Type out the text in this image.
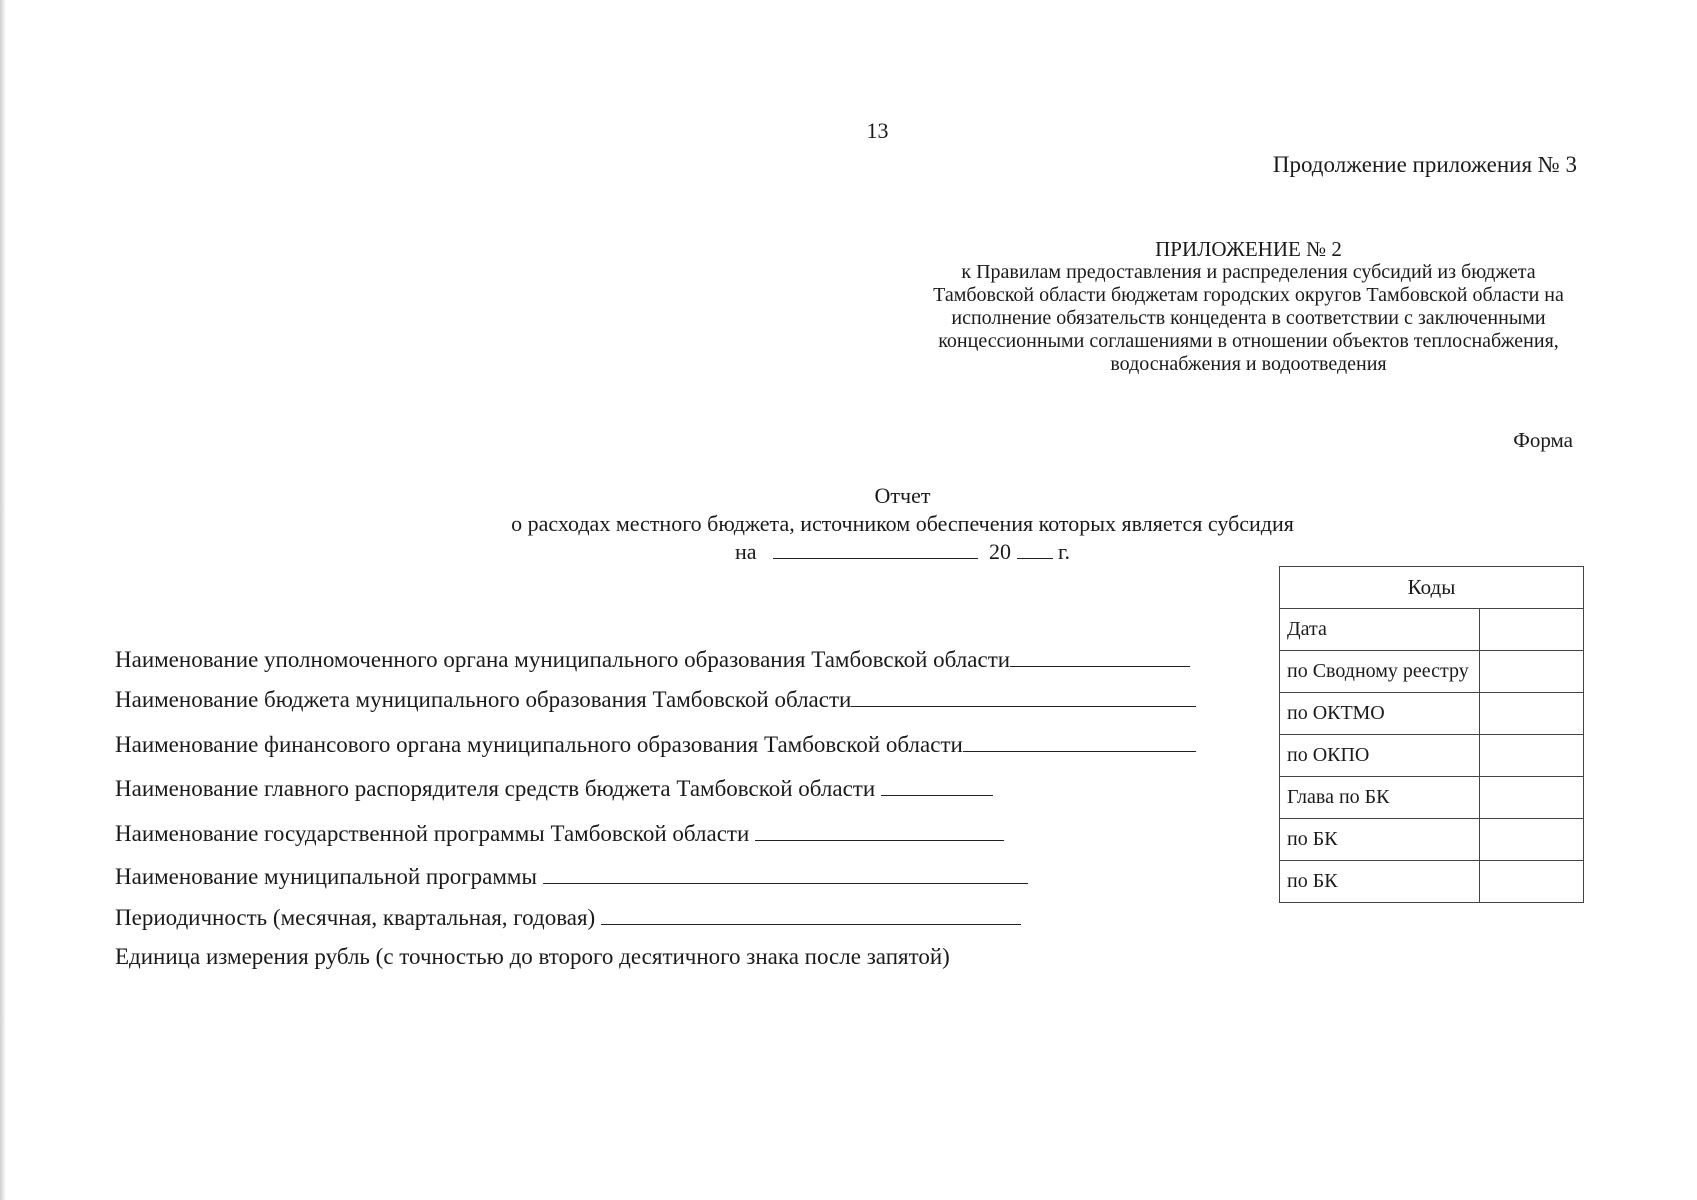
13
Продолжение приложения № 3
ПРИЛОЖЕНИЕ № 2
к Правилам предоставления и распределения субсидий из бюджета
Тамбовской области бюджетам городских округов Тамбовской области на
исполнение обязательств концедента в соответствии с заключенными
концессионными соглашениями в отношении объектов теплоснабжения,
водоснабжения и водоотведения
Форма
Отчет
о расходах местного бюджета, источником обеспечения которых является субсидия
на	20 г.
Наименование уполномоченного органа муниципального образования Тамбовской области
Наименование бюджета муниципального образования Тамбовской области
Наименование финансового органа муниципального образования Тамбовской области
Наименование главного распорядителя средств бюджета Тамбовской области
Наименование государственной программы Тамбовской области
Наименование муниципальной программы
Периодичность (месячная, квартальная, годовая)
Единица измерения рубль (с точностью до второго десятичного знака после запятой)
Коды	
Дата	
по Сводному реестру	
по ОКТМО	
по ОКПО	
Глава по БК	
по БК	
по БК	
